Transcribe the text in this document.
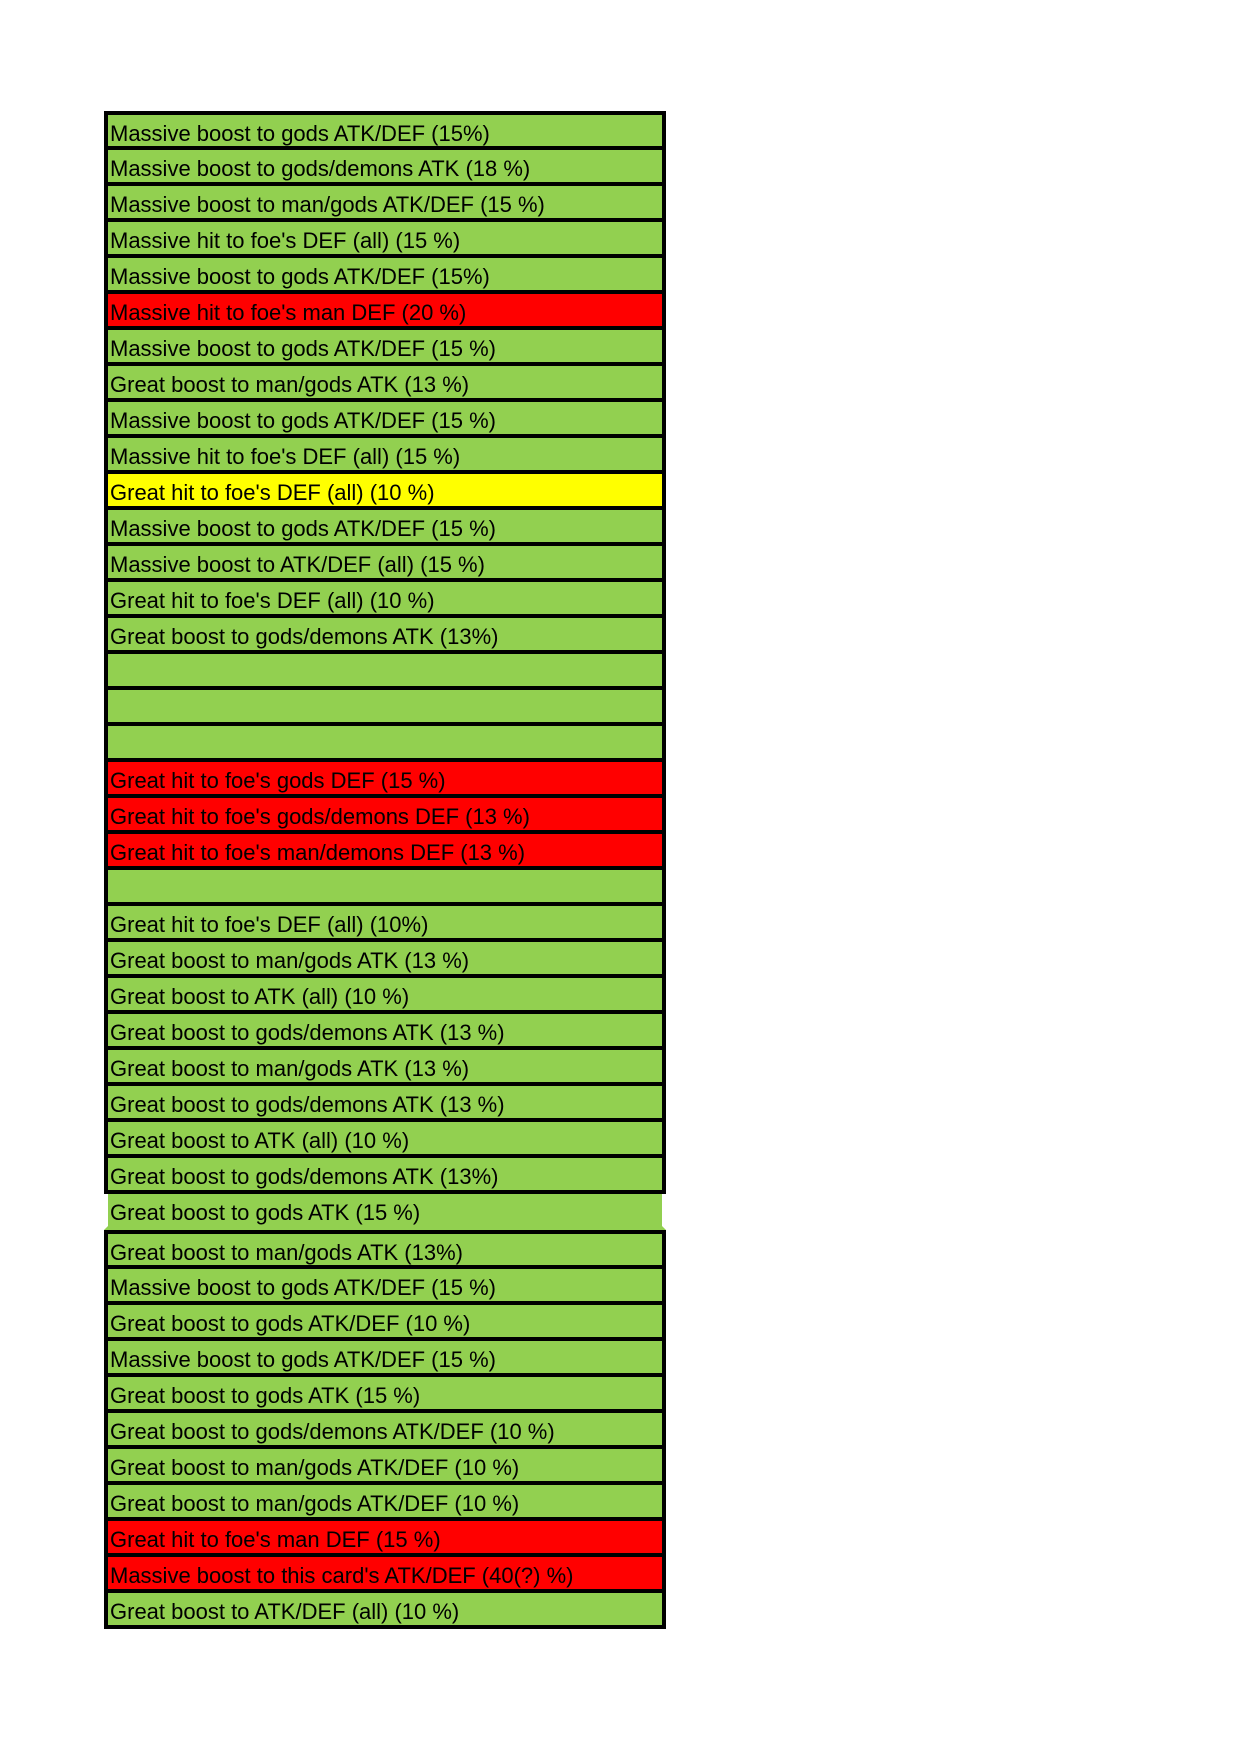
Massive boost to gods ATK/DEF (15%)
Massive boost to gods/demons ATK (18 %)
Massive boost to man/gods ATK/DEF (15 %)
Massive hit to foe's DEF (all) (15 %)
Massive boost to gods ATK/DEF (15%)
Massive hit to foe's man DEF (20 %)
Massive boost to gods ATK/DEF (15 %)
Great boost to man/gods ATK (13 %)
Massive boost to gods ATK/DEF (15 %)
Massive hit to foe's DEF (all) (15 %)
Great hit to foe's DEF (all) (10 %)
Massive boost to gods ATK/DEF (15 %)
Massive boost to ATK/DEF (all) (15 %)
Great hit to foe's DEF (all) (10 %)
Great boost to gods/demons ATK (13%)
Great hit to foe's gods DEF (15 %)
Great hit to foe's gods/demons DEF (13 %)
Great hit to foe's man/demons DEF (13 %)
Great hit to foe's DEF (all) (10%)
Great boost to man/gods ATK (13 %)
Great boost to ATK (all) (10 %)
Great boost to gods/demons ATK (13 %)
Great boost to man/gods ATK (13 %)
Great boost to gods/demons ATK (13 %)
Great boost to ATK (all) (10 %)
Great boost to gods/demons ATK (13%)
Great boost to gods ATK (15 %)
Great boost to man/gods ATK (13%)
Massive boost to gods ATK/DEF (15 %)
Great boost to gods ATK/DEF (10 %)
Massive boost to gods ATK/DEF (15 %)
Great boost to gods ATK (15 %)
Great boost to gods/demons ATK/DEF (10 %)
Great boost to man/gods ATK/DEF (10 %)
Great boost to man/gods ATK/DEF (10 %)
Great hit to foe's man DEF (15 %)
Massive boost to this card's ATK/DEF (40(?) %)
Great boost to ATK/DEF (all) (10 %)
